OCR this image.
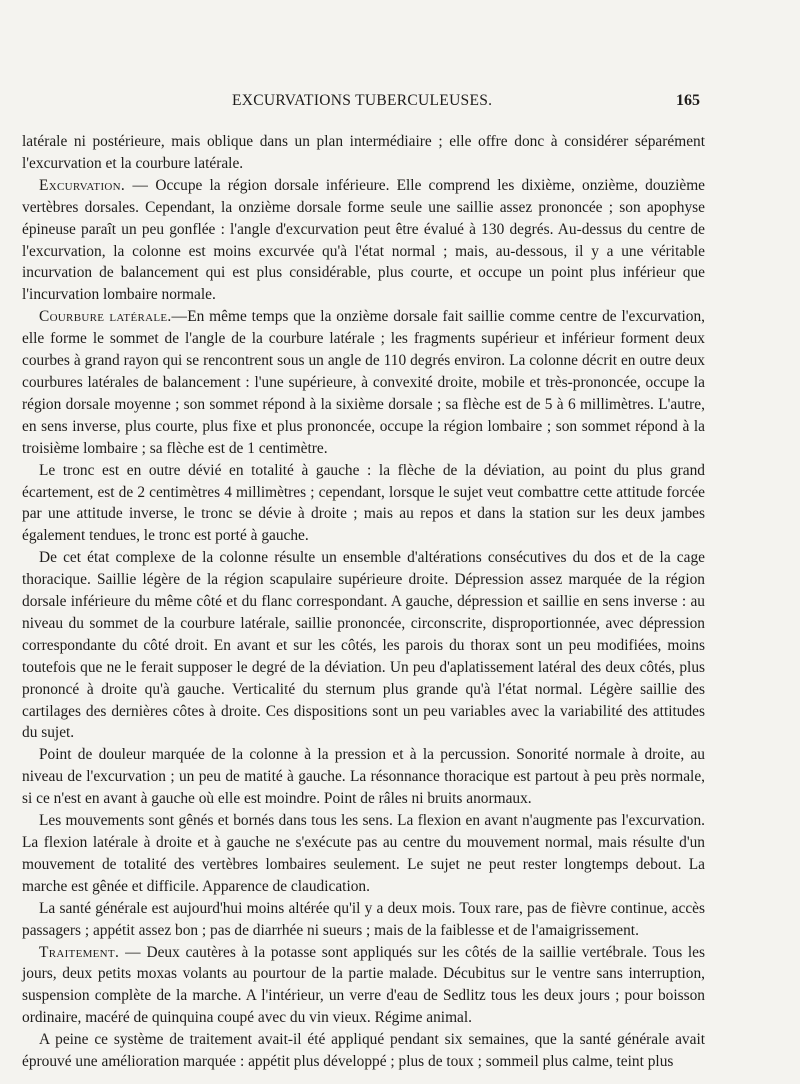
EXCURVATIONS TUBERCULEUSES.	165

latérale ni postérieure, mais oblique dans un plan intermédiaire ; elle offre donc à considérer séparément l'excurvation et la courbure latérale.

Excurvation. — Occupe la région dorsale inférieure. Elle comprend les dixième, onzième, douzième vertèbres dorsales. Cependant, la onzième dorsale forme seule une saillie assez prononcée ; son apophyse épineuse paraît un peu gonflée : l'angle d'excurvation peut être évalué à 130 degrés. Au-dessus du centre de l'excurvation, la colonne est moins excurvée qu'à l'état normal ; mais, au-dessous, il y a une véritable incurvation de balancement qui est plus considérable, plus courte, et occupe un point plus inférieur que l'incurvation lombaire normale.

Courbure latérale.—En même temps que la onzième dorsale fait saillie comme centre de l'excurvation, elle forme le sommet de l'angle de la courbure latérale ; les fragments supérieur et inférieur forment deux courbes à grand rayon qui se rencontrent sous un angle de 110 degrés environ. La colonne décrit en outre deux courbures latérales de balancement : l'une supérieure, à convexité droite, mobile et très-prononcée, occupe la région dorsale moyenne ; son sommet répond à la sixième dorsale ; sa flèche est de 5 à 6 millimètres. L'autre, en sens inverse, plus courte, plus fixe et plus prononcée, occupe la région lombaire ; son sommet répond à la troisième lombaire ; sa flèche est de 1 centimètre.

Le tronc est en outre dévié en totalité à gauche : la flèche de la déviation, au point du plus grand écartement, est de 2 centimètres 4 millimètres ; cependant, lorsque le sujet veut combattre cette attitude forcée par une attitude inverse, le tronc se dévie à droite ; mais au repos et dans la station sur les deux jambes également tendues, le tronc est porté à gauche.

De cet état complexe de la colonne résulte un ensemble d'altérations consécutives du dos et de la cage thoracique. Saillie légère de la région scapulaire supérieure droite. Dépression assez marquée de la région dorsale inférieure du même côté et du flanc correspondant. A gauche, dépression et saillie en sens inverse : au niveau du sommet de la courbure latérale, saillie prononcée, circonscrite, disproportionnée, avec dépression correspondante du côté droit. En avant et sur les côtés, les parois du thorax sont un peu modifiées, moins toutefois que ne le ferait supposer le degré de la déviation. Un peu d'aplatissement latéral des deux côtés, plus prononcé à droite qu'à gauche. Verticalité du sternum plus grande qu'à l'état normal. Légère saillie des cartilages des dernières côtes à droite. Ces dispositions sont un peu variables avec la variabilité des attitudes du sujet.

Point de douleur marquée de la colonne à la pression et à la percussion. Sonorité normale à droite, au niveau de l'excurvation ; un peu de matité à gauche. La résonnance thoracique est partout à peu près normale, si ce n'est en avant à gauche où elle est moindre. Point de râles ni bruits anormaux.

Les mouvements sont gênés et bornés dans tous les sens. La flexion en avant n'augmente pas l'excurvation. La flexion latérale à droite et à gauche ne s'exécute pas au centre du mouvement normal, mais résulte d'un mouvement de totalité des vertèbres lombaires seulement. Le sujet ne peut rester longtemps debout. La marche est gênée et difficile. Apparence de claudication.

La santé générale est aujourd'hui moins altérée qu'il y a deux mois. Toux rare, pas de fièvre continue, accès passagers ; appétit assez bon ; pas de diarrhée ni sueurs ; mais de la faiblesse et de l'amaigrissement.

Traitement. — Deux cautères à la potasse sont appliqués sur les côtés de la saillie vertébrale. Tous les jours, deux petits moxas volants au pourtour de la partie malade. Décubitus sur le ventre sans interruption, suspension complète de la marche. A l'intérieur, un verre d'eau de Sedlitz tous les deux jours ; pour boisson ordinaire, macéré de quinquina coupé avec du vin vieux. Régime animal.

A peine ce système de traitement avait-il été appliqué pendant six semaines, que la santé générale avait éprouvé une amélioration marquée : appétit plus développé ; plus de toux ; sommeil plus calme, teint plus
